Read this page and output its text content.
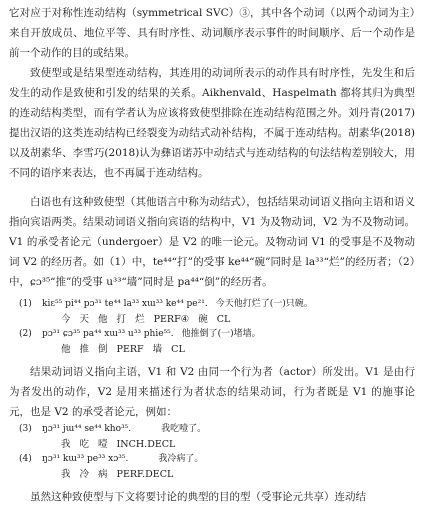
它对应于对称性连动结构（symmetrical SVC）③，其中各个动词（以两个动词为主）来自开放成员、地位平等、具有时序性、动词顺序表示事件的时间顺序、后一个动作是前一个动作的目的或结果。

致使型或是结果型连动结构，其连用的动词所表示的动作具有时序性，先发生和后发生的动作是致使和引发的结果的关系。Aikhenvald、Haspelmath 都将其归为典型的连动结构类型，而有学者认为应该将致使型排除在连动结构范围之外。刘丹青(2017)提出汉语的这类连动结构已经裂变为动结式动补结构，不属于连动结构。胡素华(2018)以及胡素华、李雪巧(2018)认为彝语诺苏中动结式与连动结构的句法结构差别较大，用不同的语序来表达，也不再属于连动结构。

白语也有这种致使型（其他语言中称为动结式），包括结果动词语义指向主语和语义指向宾语两类。结果动词语义指向宾语的结构中，V1 为及物动词，V2 为不及物动词。V1 的承受者论元（undergoer）是 V2 的唯一论元。及物动词 V1 的受事是不及物动词 V2 的经历者。如（1）中，te⁴⁴“打”的受事 ke⁴⁴“碗”同时是 la³³“烂”的经历者；（2）中，ɕɔ³⁵“推”的受事 u³³“墙”同时是 pa⁴⁴“倒”的经历者。

(1) kiɛ⁵⁵ pi⁴⁴ pɔ³¹ te⁴⁴ la³³ xɯ³³ ke⁴⁴ pe²¹. 今天他打烂了(一)只碗。

今 天 他 打 烂 PERF④ 碗 CL

(2) pɔ³¹ ɕɔ³⁵ pa⁴⁴ xɯ³³ u³³ phie⁵⁵. 他推倒了(一)堵墙。

他 推 倒 PERF 墙 CL

结果动词语义指向主语，V1 和 V2 由同一个行为者（actor）所发出。V1 是由行为者发出的动作，V2 是用来描述行为者状态的结果动词，行为者既是 V1 的施事论元，也是 V2 的承受者论元，例如：

(3) ŋɔ³¹ jɯ⁴⁴ se⁴⁴ kho³⁵.	我吃噎了。

我 吃 噎 INCH.DECL

(4) ŋɔ³¹ kɯ³³ pe³³ xɔ³⁵.	我冷病了。

我 冷 病 PERF.DECL

虽然这种致使型与下文将要讨论的典型的目的型（受事论元共享）连动结
